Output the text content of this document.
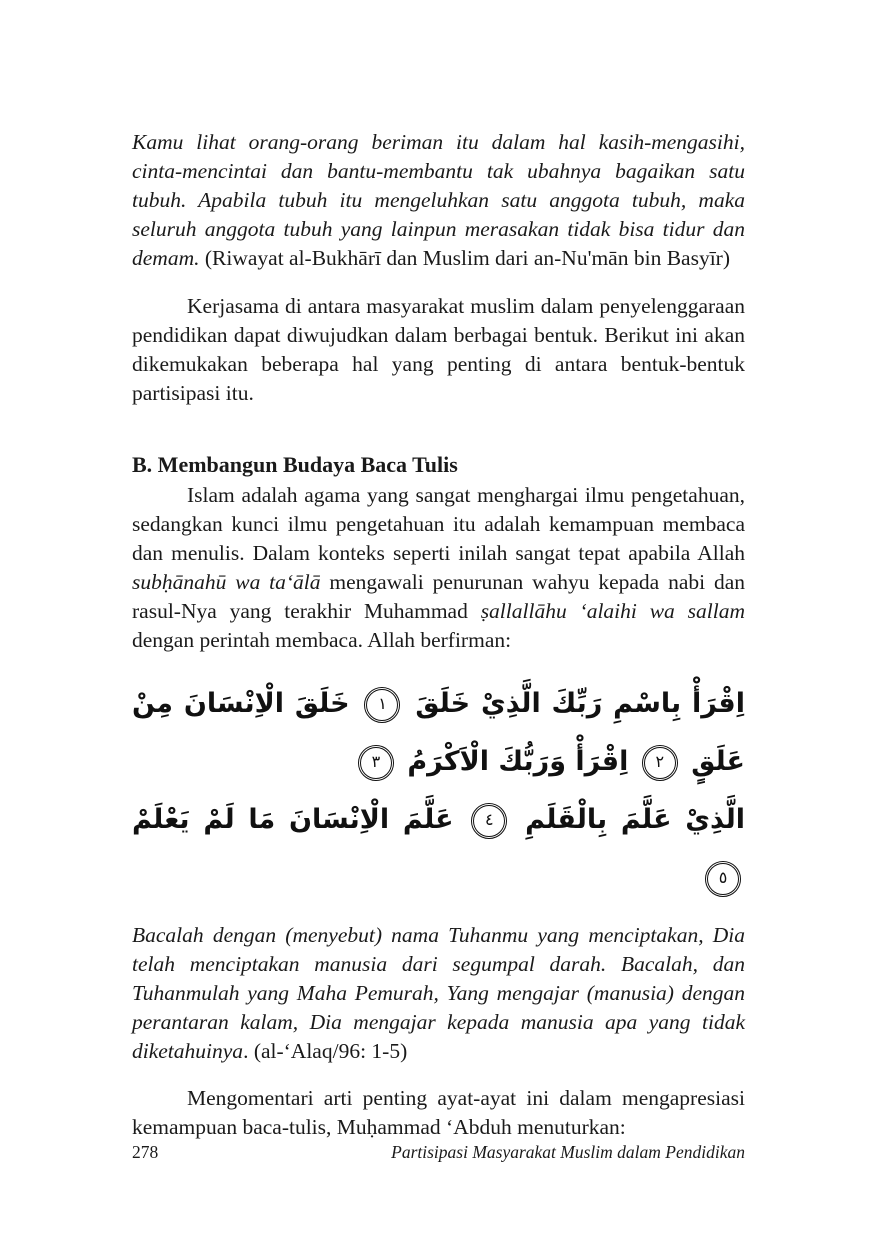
Kamu lihat orang-orang beriman itu dalam hal kasih-mengasihi, cinta-mencintai dan bantu-membantu tak ubahnya bagaikan satu tubuh. Apabila tubuh itu mengeluhkan satu anggota tubuh, maka seluruh anggota tubuh yang lainpun merasakan tidak bisa tidur dan demam. (Riwayat al-Bukhārī dan Muslim dari an-Nu'mān bin Basyīr)

Kerjasama di antara masyarakat muslim dalam penyelenggaraan pendidikan dapat diwujudkan dalam berbagai bentuk. Berikut ini akan dikemukakan beberapa hal yang penting di antara bentuk-bentuk partisipasi itu.

B. Membangun Budaya Baca Tulis

Islam adalah agama yang sangat menghargai ilmu pengetahuan, sedangkan kunci ilmu pengetahuan itu adalah kemampuan membaca dan menulis. Dalam konteks seperti inilah sangat tepat apabila Allah subḥānahū wa ta‘ālā mengawali penurunan wahyu kepada nabi dan rasul-Nya yang terakhir Muhammad ṣallallāhu ‘alaihi wa sallam dengan perintah membaca. Allah berfirman:

اِقْرَأْ بِاسْمِ رَبِّكَ الَّذِيْ خَلَقَ ١ خَلَقَ الْاِنْسَانَ مِنْ عَلَقٍ ٢ اِقْرَأْ وَرَبُّكَ الْاَكْرَمُ ٣
الَّذِيْ عَلَّمَ بِالْقَلَمِ ٤ عَلَّمَ الْاِنْسَانَ مَا لَمْ يَعْلَمْ ٥

Bacalah dengan (menyebut) nama Tuhanmu yang menciptakan, Dia telah menciptakan manusia dari segumpal darah. Bacalah, dan Tuhanmulah yang Maha Pemurah, Yang mengajar (manusia) dengan perantaran kalam, Dia mengajar kepada manusia apa yang tidak diketahuinya. (al-‘Alaq/96: 1-5)

Mengomentari arti penting ayat-ayat ini dalam mengapresiasi kemampuan baca-tulis, Muḥammad ‘Abduh menuturkan:

278	Partisipasi Masyarakat Muslim dalam Pendidikan
